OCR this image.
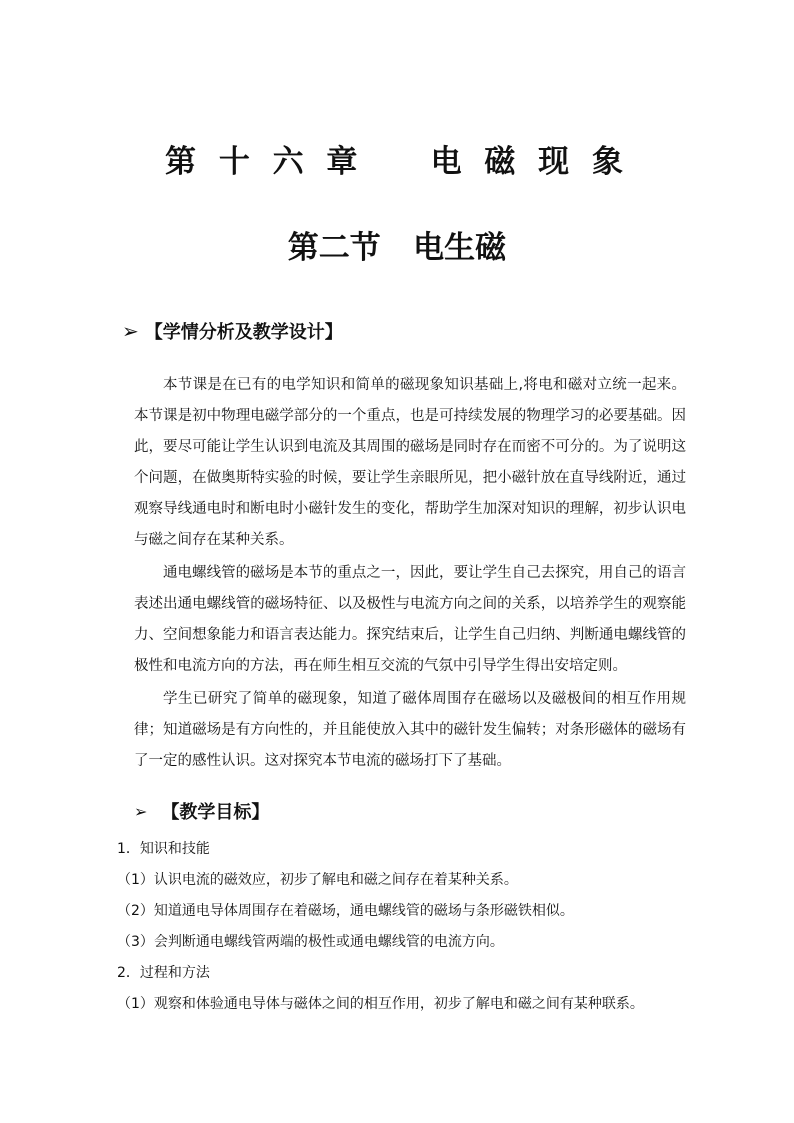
第 十 六 章    电 磁 现 象
第二节   电生磁
➢ 【学情分析及教学设计】

本节课是在已有的电学知识和简单的磁现象知识基础上,将电和磁对立统一起来。本节课是初中物理电磁学部分的一个重点，也是可持续发展的物理学习的必要基础。因此，要尽可能让学生认识到电流及其周围的磁场是同时存在而密不可分的。为了说明这个问题，在做奥斯特实验的时候，要让学生亲眼所见，把小磁针放在直导线附近，通过观察导线通电时和断电时小磁针发生的变化，帮助学生加深对知识的理解，初步认识电与磁之间存在某种关系。

通电螺线管的磁场是本节的重点之一，因此，要让学生自己去探究，用自己的语言表述出通电螺线管的磁场特征、以及极性与电流方向之间的关系，以培养学生的观察能力、空间想象能力和语言表达能力。探究结束后，让学生自己归纳、判断通电螺线管的极性和电流方向的方法，再在师生相互交流的气氛中引导学生得出安培定则。

学生已研究了简单的磁现象，知道了磁体周围存在磁场以及磁极间的相互作用规律；知道磁场是有方向性的，并且能使放入其中的磁针发生偏转；对条形磁体的磁场有了一定的感性认识。这对探究本节电流的磁场打下了基础。

➢ 【教学目标】
1．知识和技能
（1）认识电流的磁效应，初步了解电和磁之间存在着某种关系。
（2）知道通电导体周围存在着磁场，通电螺线管的磁场与条形磁铁相似。
（3）会判断通电螺线管两端的极性或通电螺线管的电流方向。
2．过程和方法
（1）观察和体验通电导体与磁体之间的相互作用，初步了解电和磁之间有某种联系。
